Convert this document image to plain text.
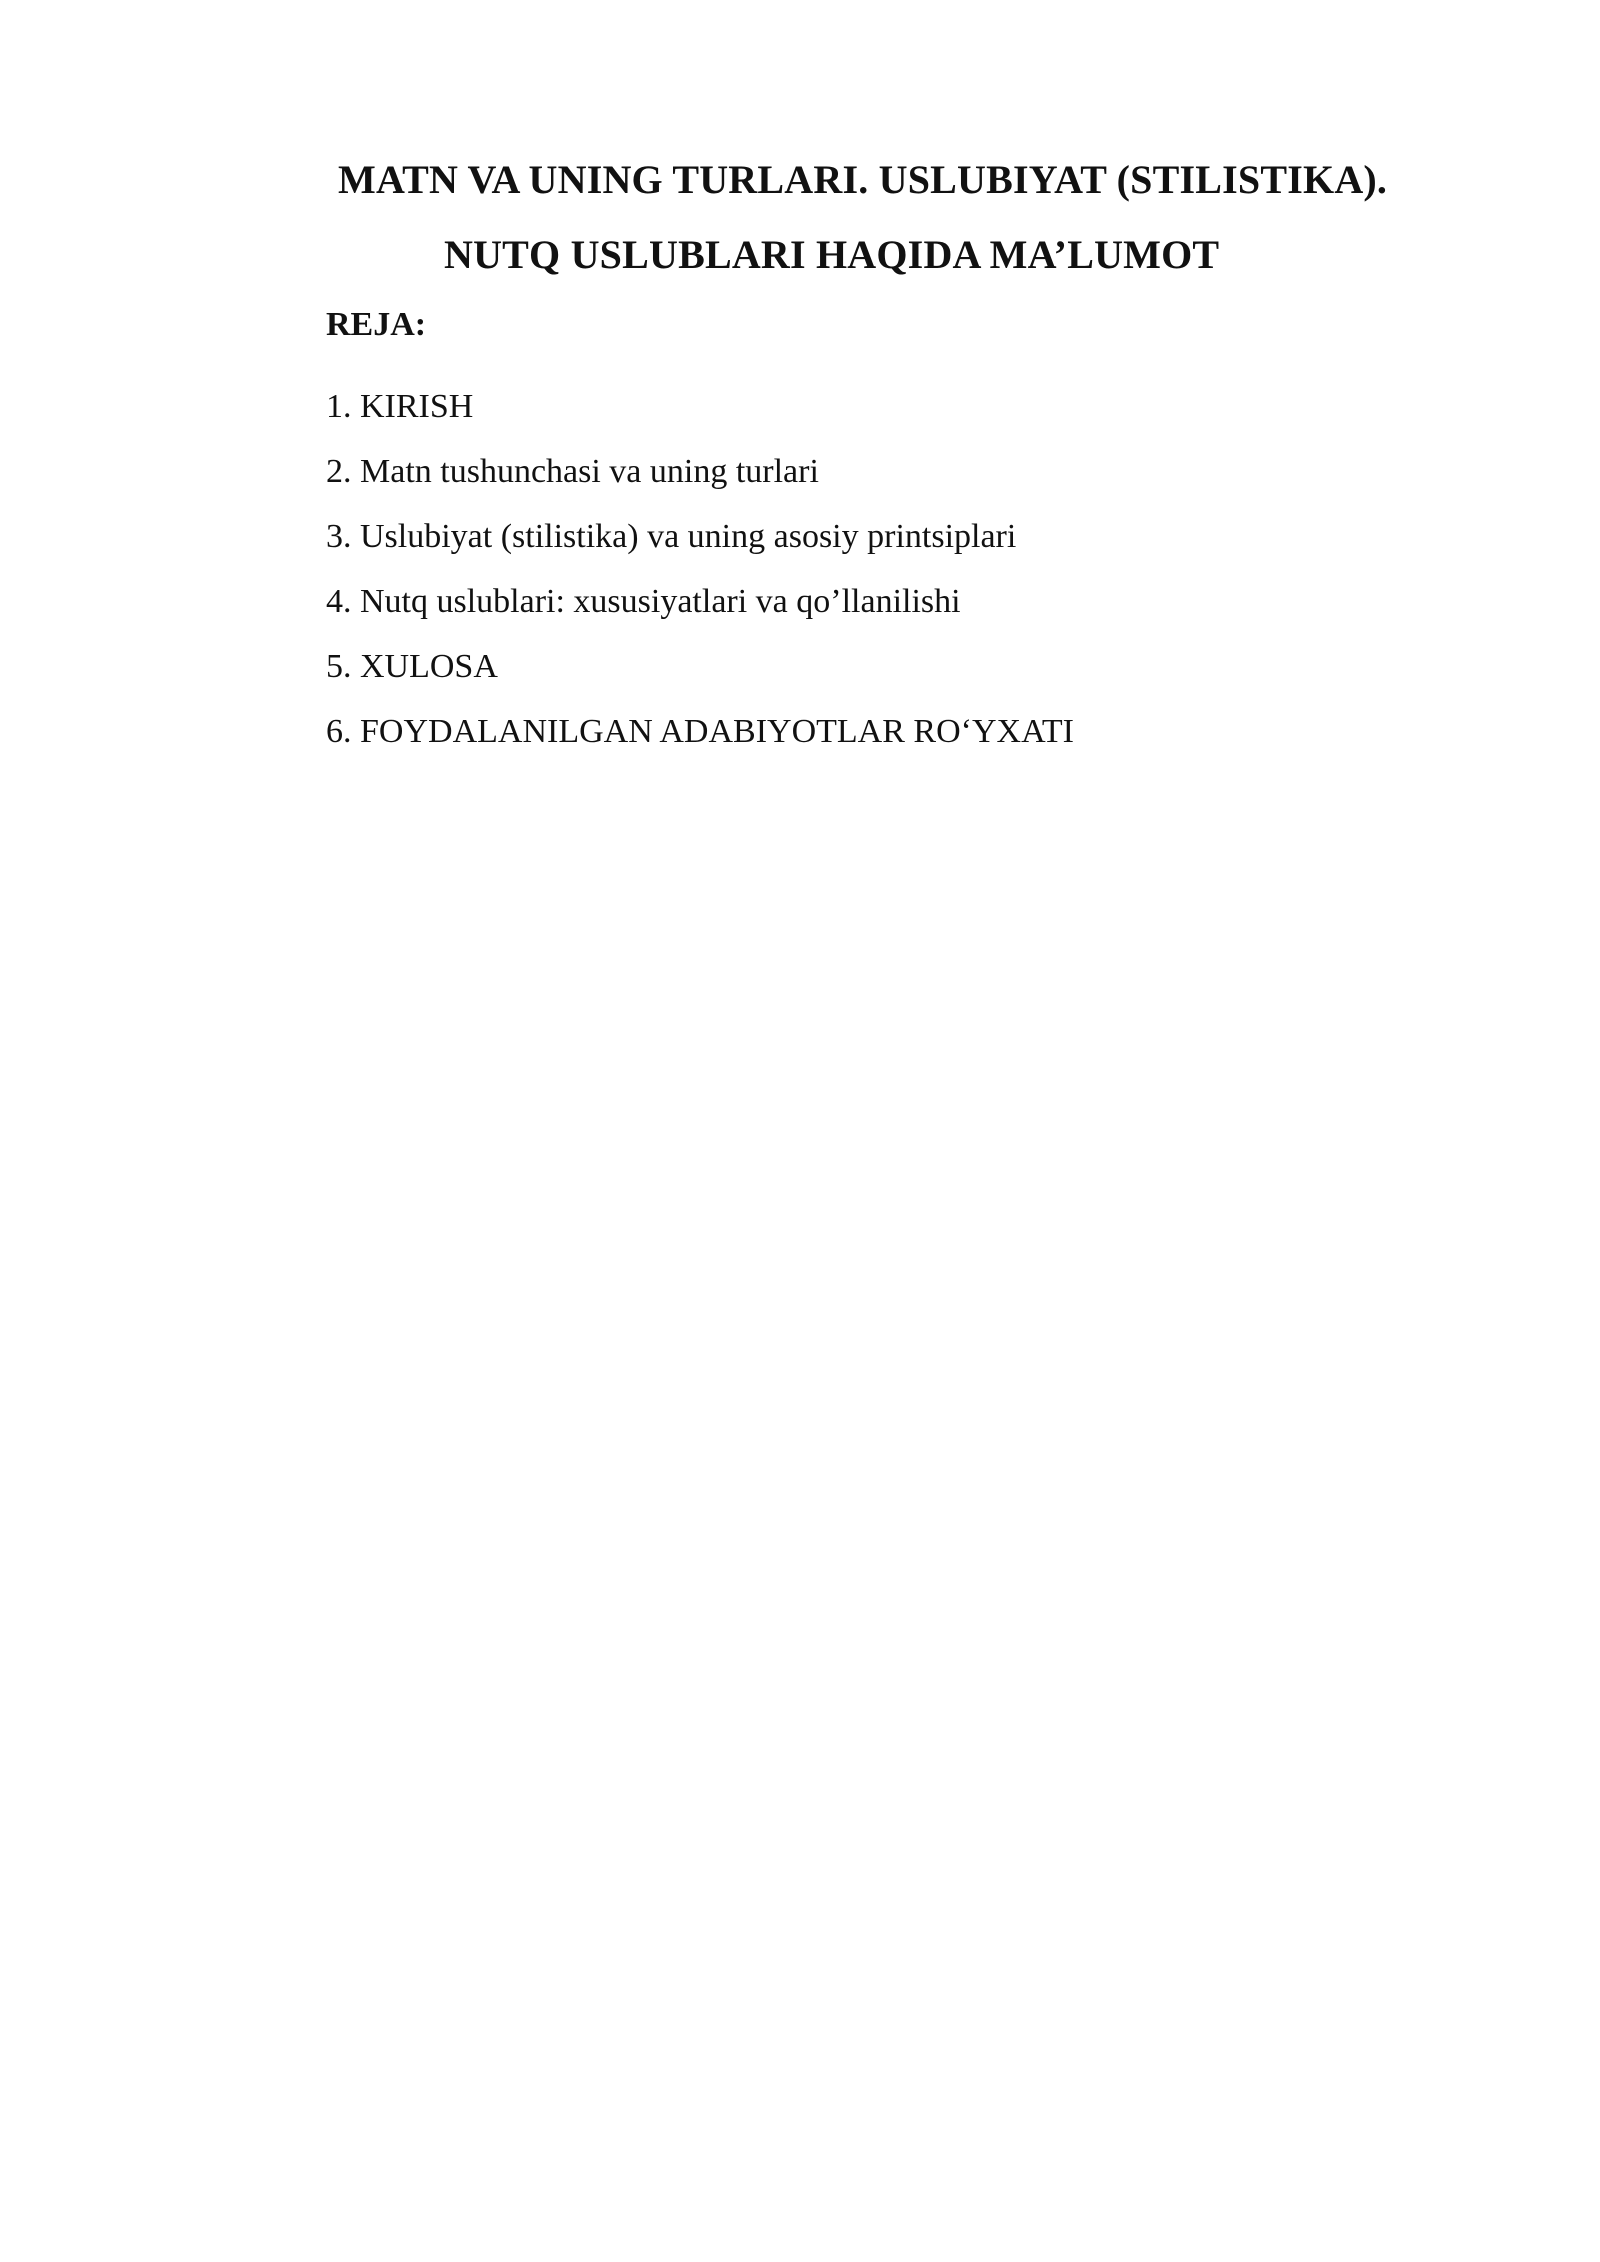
MATN VA UNING TURLARI. USLUBIYAT (STILISTIKA).
NUTQ USLUBLARI HAQIDA MA’LUMOT
REJA:
1. KIRISH
2. Matn tushunchasi va uning turlari
3. Uslubiyat (stilistika) va uning asosiy printsiplari
4. Nutq uslublari: xususiyatlari va qo’llanilishi
5. XULOSA
6. FOYDALANILGAN ADABIYOTLAR RO‘YXATI
